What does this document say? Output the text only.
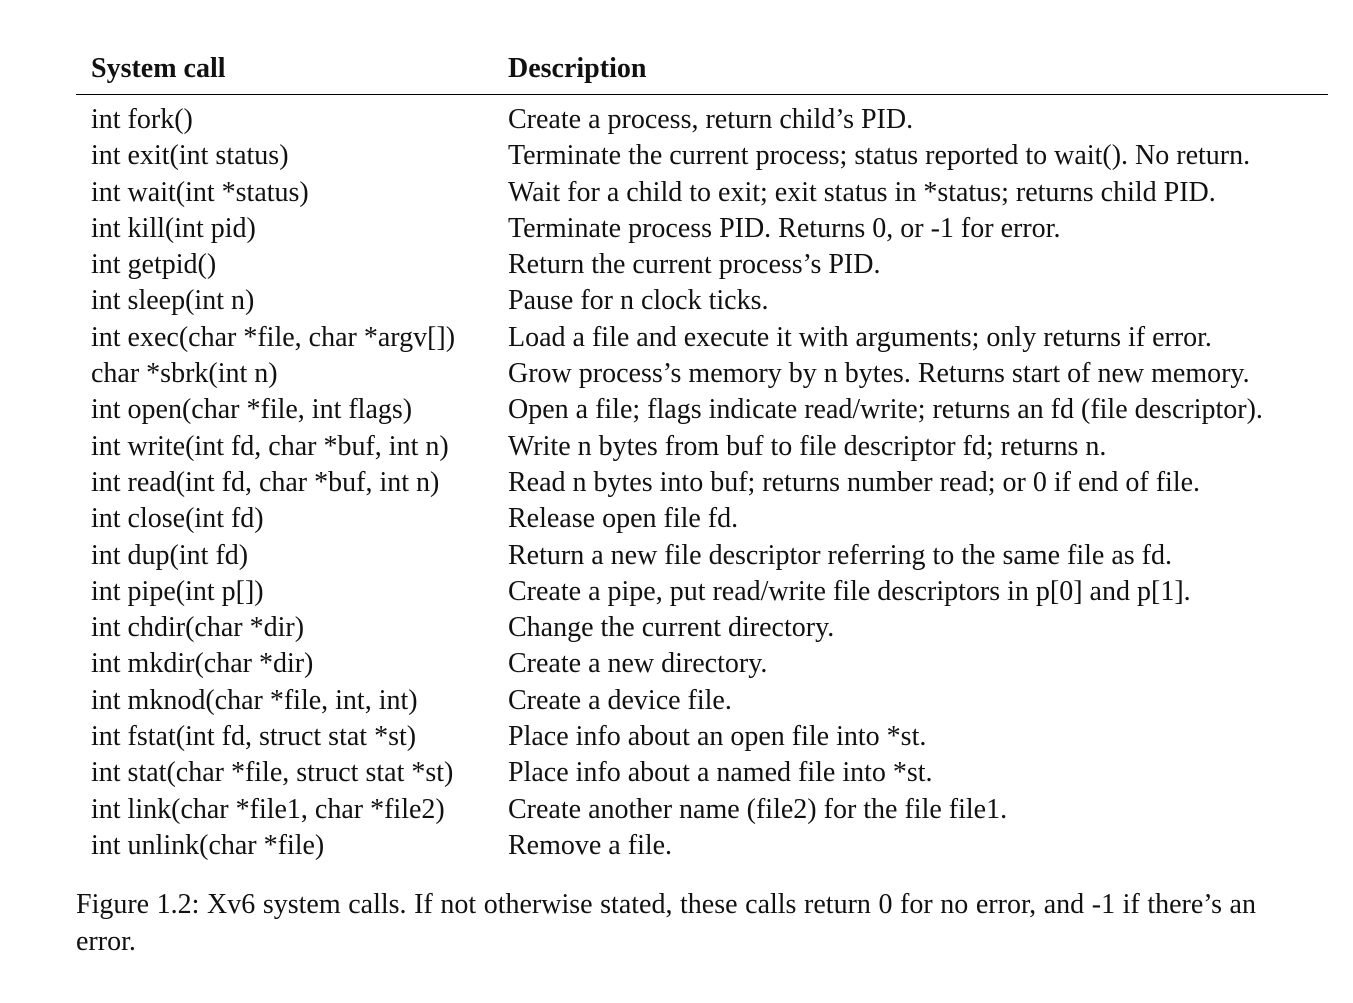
System call	Description
int fork()	Create a process, return child’s PID.
int exit(int status)	Terminate the current process; status reported to wait(). No return.
int wait(int *status)	Wait for a child to exit; exit status in *status; returns child PID.
int kill(int pid)	Terminate process PID. Returns 0, or -1 for error.
int getpid()	Return the current process’s PID.
int sleep(int n)	Pause for n clock ticks.
int exec(char *file, char *argv[])	Load a file and execute it with arguments; only returns if error.
char *sbrk(int n)	Grow process’s memory by n bytes. Returns start of new memory.
int open(char *file, int flags)	Open a file; flags indicate read/write; returns an fd (file descriptor).
int write(int fd, char *buf, int n)	Write n bytes from buf to file descriptor fd; returns n.
int read(int fd, char *buf, int n)	Read n bytes into buf; returns number read; or 0 if end of file.
int close(int fd)	Release open file fd.
int dup(int fd)	Return a new file descriptor referring to the same file as fd.
int pipe(int p[])	Create a pipe, put read/write file descriptors in p[0] and p[1].
int chdir(char *dir)	Change the current directory.
int mkdir(char *dir)	Create a new directory.
int mknod(char *file, int, int)	Create a device file.
int fstat(int fd, struct stat *st)	Place info about an open file into *st.
int stat(char *file, struct stat *st)	Place info about a named file into *st.
int link(char *file1, char *file2)	Create another name (file2) for the file file1.
int unlink(char *file)	Remove a file.
Figure 1.2: Xv6 system calls. If not otherwise stated, these calls return 0 for no error, and -1 if there’s an error.
